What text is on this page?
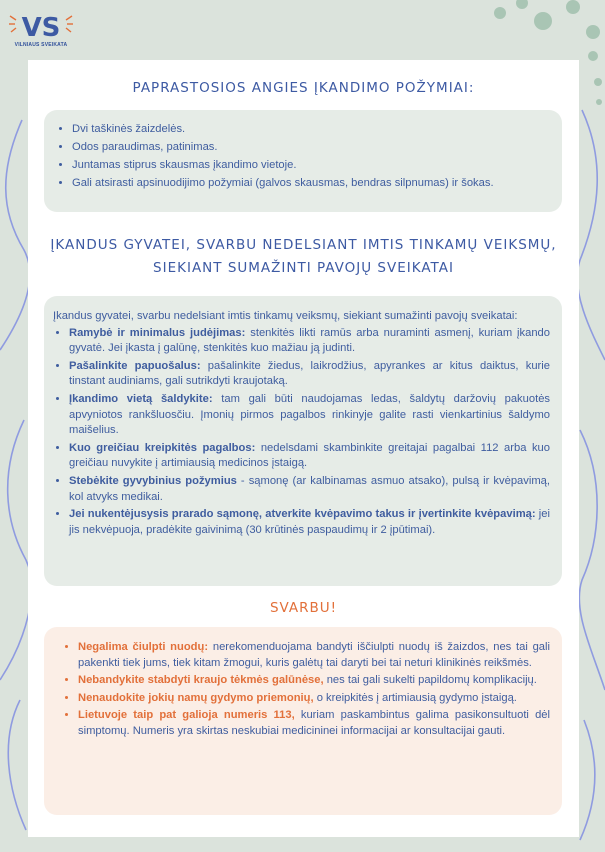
VS
VILNIAUS SVEIKATA
PAPRASTOSIOS ANGIES ĮKANDIMO POŽYMIAI:
• Dvi taškinės žaizdelės.
• Odos paraudimas, patinimas.
• Juntamas stiprus skausmas įkandimo vietoje.
• Gali atsirasti apsinuodijimo požymiai (galvos skausmas, bendras silpnumas) ir šokas.
ĮKANDUS GYVATEI, SVARBU NEDELSIANT IMTIS TINKAMŲ VEIKSMŲ,
SIEKIANT SUMAŽINTI PAVOJŲ SVEIKATAI
Įkandus gyvatei, svarbu nedelsiant imtis tinkamų veiksmų, siekiant sumažinti pavojų sveikatai:
• Ramybė ir minimalus judėjimas: stenkitės likti ramūs arba nuraminti asmenį, kuriam įkando gyvatė. Jei įkasta į galūnę, stenkitės kuo mažiau ją judinti.
• Pašalinkite papuošalus: pašalinkite žiedus, laikrodžius, apyrankes ar kitus daiktus, kurie tinstant audiniams, gali sutrikdyti kraujotaką.
• Įkandimo vietą šaldykite: tam gali būti naudojamas ledas, šaldytų daržovių pakuotės apvyniotos rankšluosčiu. Įmonių pirmos pagalbos rinkinyje galite rasti vienkartinius šaldymo maišelius.
• Kuo greičiau kreipkitės pagalbos: nedelsdami skambinkite greitajai pagalbai 112 arba kuo greičiau nuvykite į artimiausią medicinos įstaigą.
• Stebėkite gyvybinius požymius - sąmonę (ar kalbinamas asmuo atsako), pulsą ir kvėpavimą, kol atvyks medikai.
• Jei nukentėjusysis prarado sąmonę, atverkite kvėpavimo takus ir įvertinkite kvėpavimą: jei jis nekvėpuoja, pradėkite gaivinimą (30 krūtinės paspaudimų ir 2 įpūtimai).
SVARBU!
• Negalima čiulpti nuodų: nerekomenduojama bandyti iščiulpti nuodų iš žaizdos, nes tai gali pakenkti tiek jums, tiek kitam žmogui, kuris galėtų tai daryti bei tai neturi klinikinės reikšmės.
• Nebandykite stabdyti kraujo tėkmės galūnėse, nes tai gali sukelti papildomų komplikacijų.
• Nenaudokite jokių namų gydymo priemonių, o kreipkitės į artimiausią gydymo įstaigą.
• Lietuvoje taip pat galioja numeris 113, kuriam paskambintus galima pasikonsultuoti dėl simptomų. Numeris yra skirtas neskubiai medicininei informacijai ar konsultacijai gauti.
